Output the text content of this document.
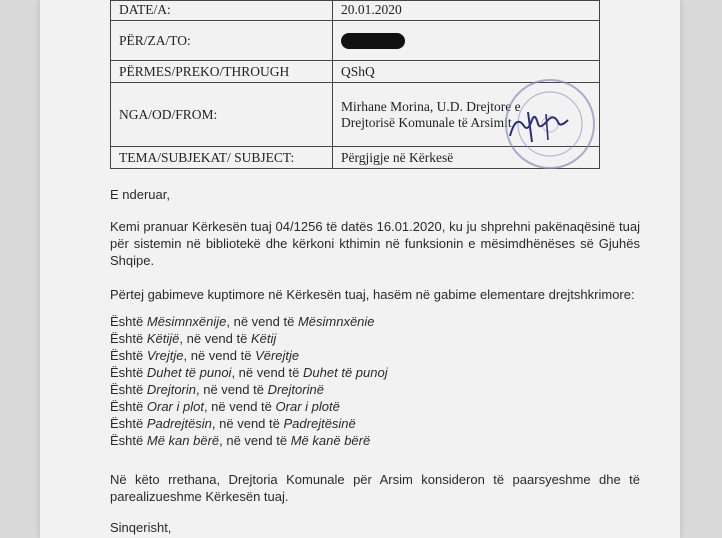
DATE/A:	20.01.2020
PËR/ZA/TO:	
PËRMES/PREKO/THROUGH	QShQ
NGA/OD/FROM:	Mirhane Morina, U.D. Drejtore e Drejtorisë Komunale të Arsimit
TEMA/SUBJEKAT/ SUBJECT:	Përgjigje në Kërkesë

E nderuar,

Kemi pranuar Kërkesën tuaj 04/1256 të datës 16.01.2020, ku ju shprehni pakënaqësinë tuaj për sistemin në bibliotekë dhe kërkoni kthimin në funksionin e mësimdhënëses së Gjuhës Shqipe.

Përtej gabimeve kuptimore në Kërkesën tuaj, hasëm në gabime elementare drejtshkrimore:

Është Mësimnxënije, në vend të Mësimnxënie

Është Këtijë, në vend të Këtij

Është Vrejtje, në vend të Vërejtje

Është Duhet të punoi, në vend të Duhet të punoj

Është Drejtorin, në vend të Drejtorinë

Është Orar i plot, në vend të Orar i plotë

Është Padrejtësin, në vend të Padrejtësinë

Është Më kan bërë, në vend të Më kanë bërë

Në këto rrethana, Drejtoria Komunale për Arsim konsideron të paarsyeshme dhe të parealizueshme Kërkesën tuaj.

Sinqerisht,
